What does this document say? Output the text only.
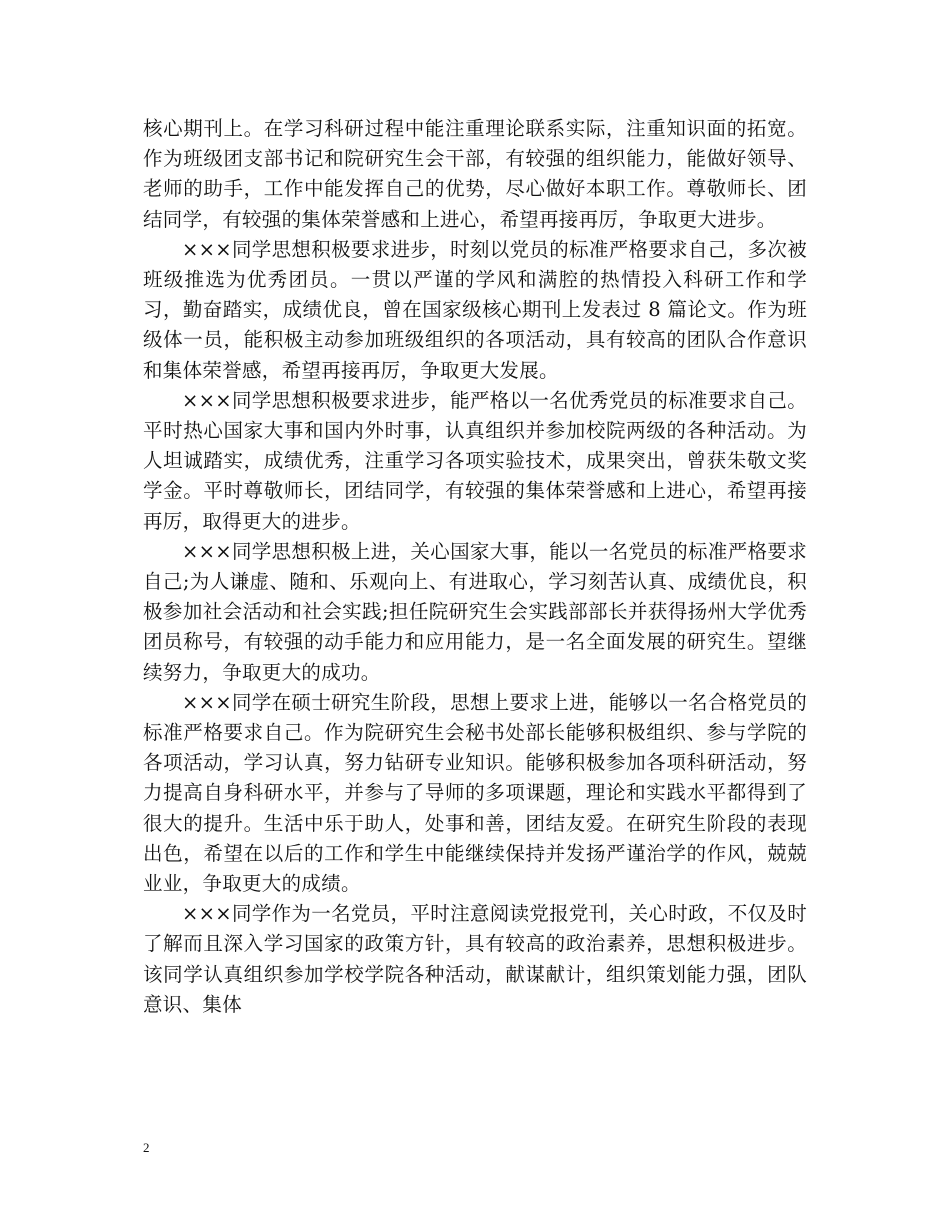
核心期刊上。在学习科研过程中能注重理论联系实际，注重知识面的拓宽。作为班级团支部书记和院研究生会干部，有较强的组织能力，能做好领导、老师的助手，工作中能发挥自己的优势，尽心做好本职工作。尊敬师长、团结同学，有较强的集体荣誉感和上进心，希望再接再厉，争取更大进步。

×××同学思想积极要求进步，时刻以党员的标准严格要求自己，多次被班级推选为优秀团员。一贯以严谨的学风和满腔的热情投入科研工作和学习，勤奋踏实，成绩优良，曾在国家级核心期刊上发表过 8 篇论文。作为班级体一员，能积极主动参加班级组织的各项活动，具有较高的团队合作意识和集体荣誉感，希望再接再厉，争取更大发展。

×××同学思想积极要求进步，能严格以一名优秀党员的标准要求自己。平时热心国家大事和国内外时事，认真组织并参加校院两级的各种活动。为人坦诚踏实，成绩优秀，注重学习各项实验技术，成果突出，曾获朱敬文奖学金。平时尊敬师长，团结同学，有较强的集体荣誉感和上进心，希望再接再厉，取得更大的进步。

×××同学思想积极上进，关心国家大事，能以一名党员的标准严格要求自己;为人谦虚、随和、乐观向上、有进取心，学习刻苦认真、成绩优良，积极参加社会活动和社会实践;担任院研究生会实践部部长并获得扬州大学优秀团员称号，有较强的动手能力和应用能力，是一名全面发展的研究生。望继续努力，争取更大的成功。

×××同学在硕士研究生阶段，思想上要求上进，能够以一名合格党员的标准严格要求自己。作为院研究生会秘书处部长能够积极组织、参与学院的各项活动，学习认真，努力钻研专业知识。能够积极参加各项科研活动，努力提高自身科研水平，并参与了导师的多项课题，理论和实践水平都得到了很大的提升。生活中乐于助人，处事和善，团结友爱。在研究生阶段的表现出色，希望在以后的工作和学生中能继续保持并发扬严谨治学的作风，兢兢业业，争取更大的成绩。

×××同学作为一名党员，平时注意阅读党报党刊，关心时政，不仅及时了解而且深入学习国家的政策方针，具有较高的政治素养，思想积极进步。该同学认真组织参加学校学院各种活动，献谋献计，组织策划能力强，团队意识、集体

2
